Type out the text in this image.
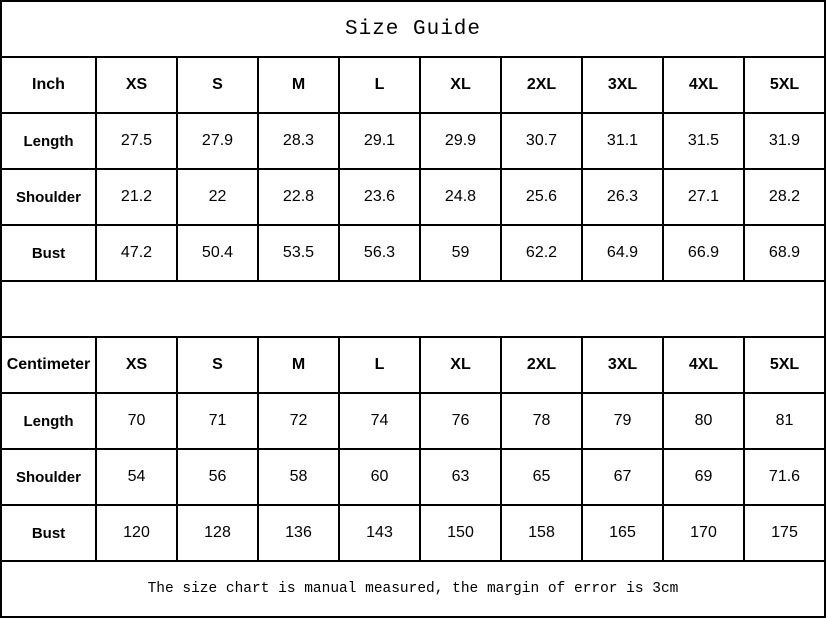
Size Guide									
Inch	XS	S	M	L	XL	2XL	3XL	4XL	5XL
Length	27.5	27.9	28.3	29.1	29.9	30.7	31.1	31.5	31.9
Shoulder	21.2	22	22.8	23.6	24.8	25.6	26.3	27.1	28.2
Bust	47.2	50.4	53.5	56.3	59	62.2	64.9	66.9	68.9

Centimeter	XS	S	M	L	XL	2XL	3XL	4XL	5XL
Length	70	71	72	74	76	78	79	80	81
Shoulder	54	56	58	60	63	65	67	69	71.6
Bust	120	128	136	143	150	158	165	170	175
The size chart is manual measured, the margin of error is 3cm									
